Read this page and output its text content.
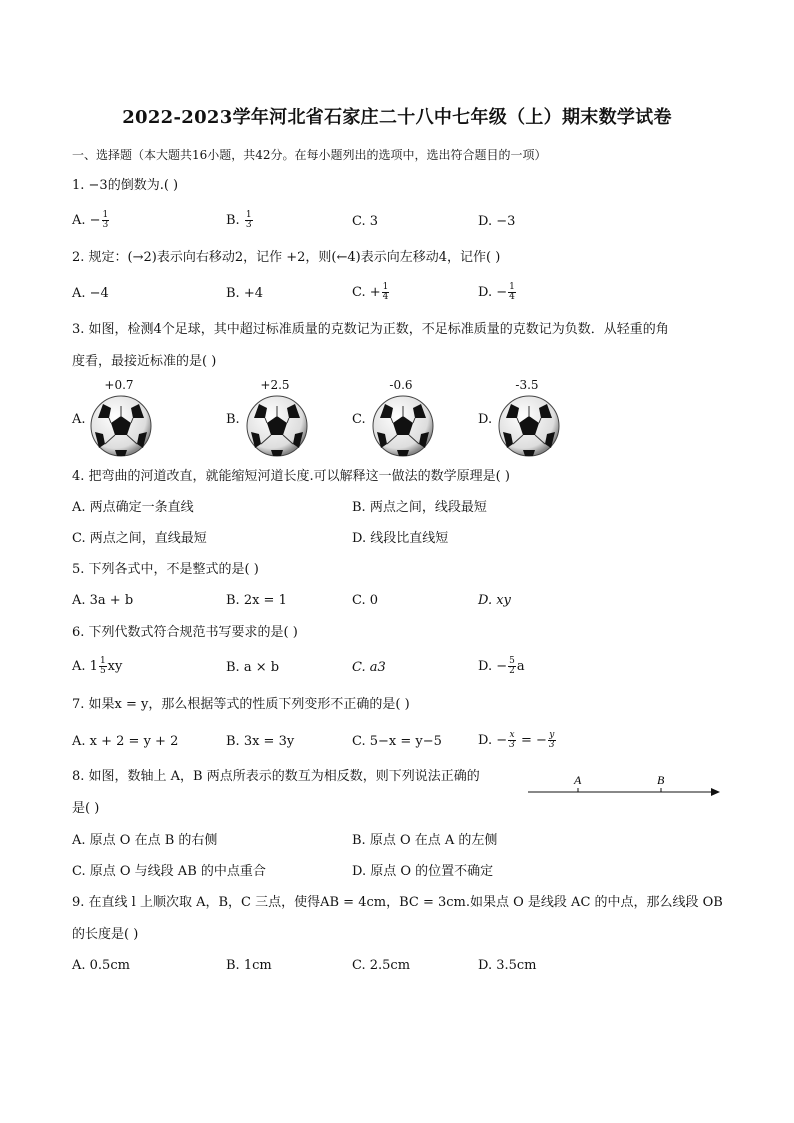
2022-2023学年河北省石家庄二十八中七年级（上）期末数学试卷
一、选择题（本大题共16小题，共42分。在每小题列出的选项中，选出符合题目的一项）
1. −3的倒数为.( )
A. − $\frac{1}{3}$	B. $\frac{1}{3}$	C. 3	D. −3
2. 规定：(→2)表示向右移动2，记作 +2，则(←4)表示向左移动4，记作( )
A. −4	B. +4	C. + $\frac{1}{4}$	D. − $\frac{1}{4}$
3. 如图，检测4个足球，其中超过标准质量的克数记为正数，不足标准质量的克数记为负数．从轻重的角
度看，最接近标准的是( )
+0.7	+2.5	-0.6	-3.5
A.	B.	C.	D.
4. 把弯曲的河道改直，就能缩短河道长度.可以解释这一做法的数学原理是( )
A. 两点确定一条直线	B. 两点之间，线段最短
C. 两点之间，直线最短	D. 线段比直线短
5. 下列各式中，不是整式的是( )
A. 3a + b	B. 2x = 1	C. 0	D. xy
6. 下列代数式符合规范书写要求的是( )
A. $1 \frac{1}{5}$ xy	B. a × b	C. a3	D. − $\frac{5}{2}$ a
7. 如果x = y，那么根据等式的性质下列变形不正确的是( )
A. x + 2 = y + 2	B. 3x = 3y	C. 5−x = y−5	D. − $\frac{x}{3}$ = − $\frac{y}{3}$
8. 如图，数轴上 A，B 两点所表示的数互为相反数，则下列说法正确的
是( )
A	B
A. 原点 O 在点 B 的右侧	B. 原点 O 在点 A 的左侧
C. 原点 O 与线段 AB 的中点重合	D. 原点 O 的位置不确定
9. 在直线 l 上顺次取 A，B，C 三点，使得AB = 4cm，BC = 3cm.如果点 O 是线段 AC 的中点，那么线段 OB
的长度是( )
A. 0.5cm	B. 1cm	C. 2.5cm	D. 3.5cm
